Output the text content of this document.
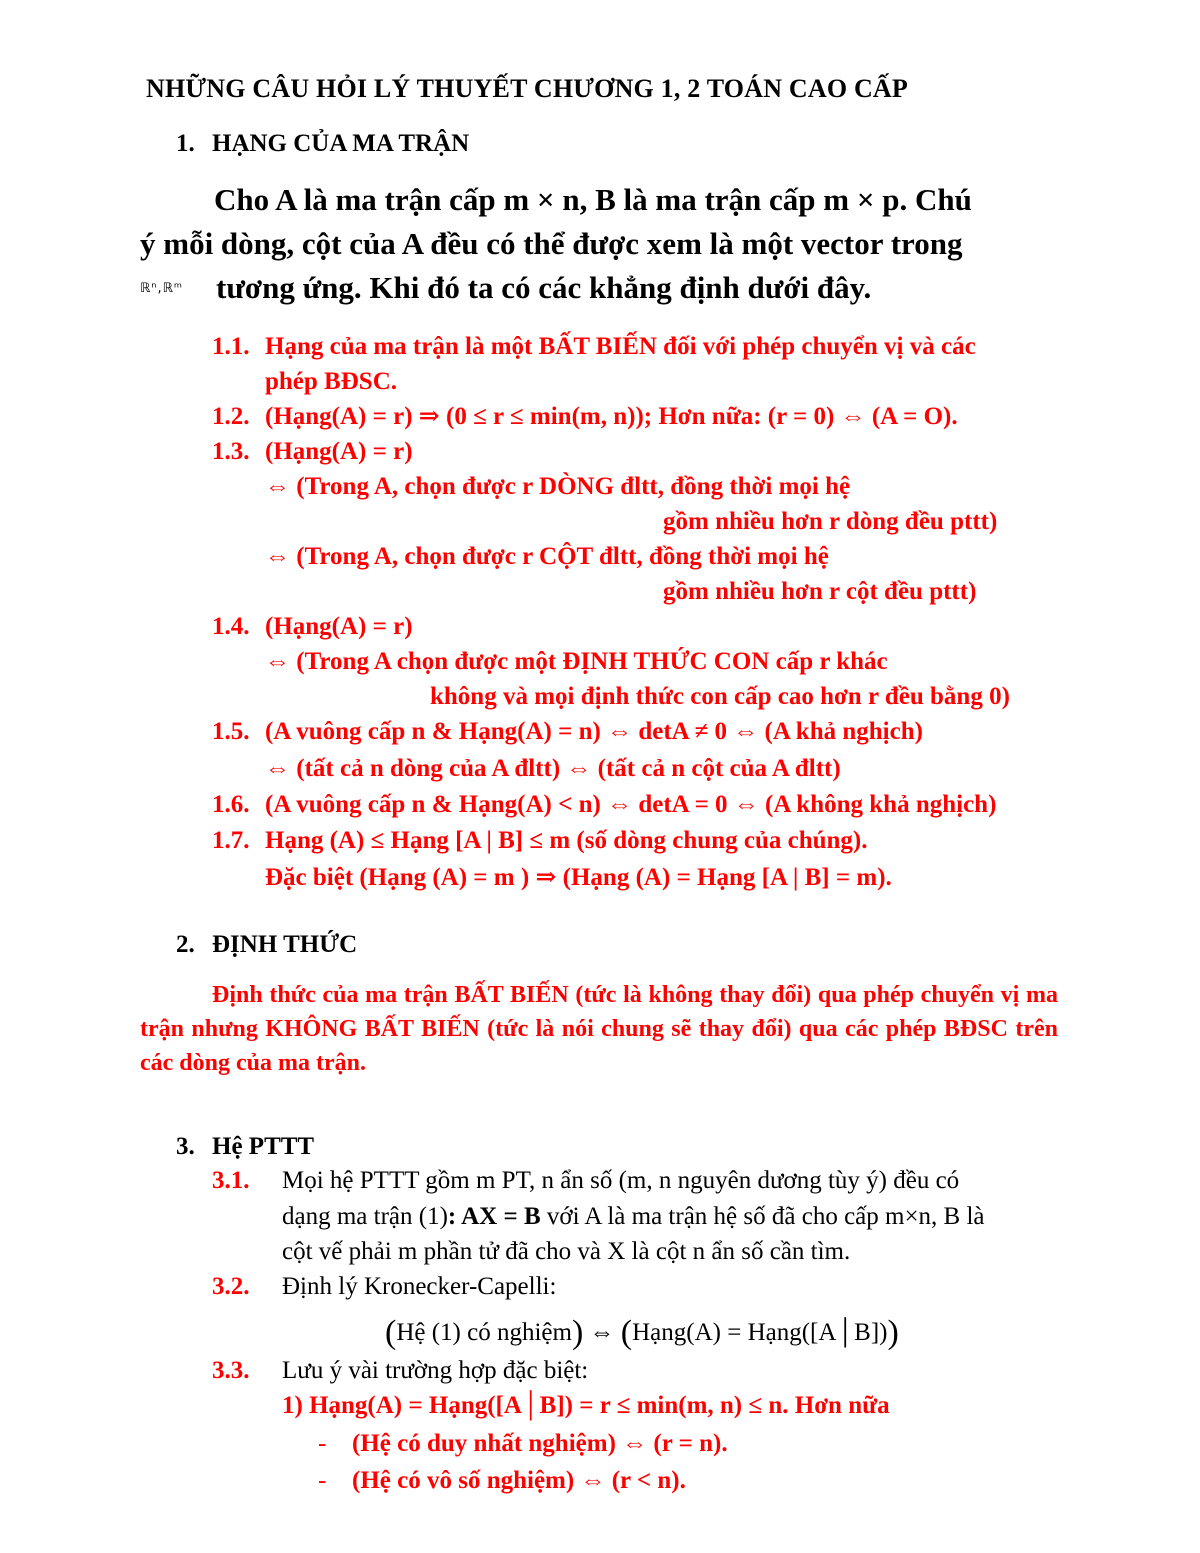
NHỮNG CÂU HỎI LÝ THUYẾT CHƯƠNG 1, 2 TOÁN CAO CẤP
1. HẠNG CỦA MA TRẬN
Cho A là ma trận cấp m × n, B là ma trận cấp m × p. Chú
ý mỗi dòng, cột của A đều có thể được xem là một vector trong
ℝⁿ,ℝᵐ tương ứng. Khi đó ta có các khẳng định dưới đây.
1.1. Hạng của ma trận là một BẤT BIẾN đối với phép chuyển vị và các
phép BĐSC.
1.2. (Hạng(A) = r) ⇒ (0 ≤ r ≤ min(m, n)); Hơn nữa: (r = 0) ⇔ (A = O).
1.3. (Hạng(A) = r)
⇔ (Trong A, chọn được r DÒNG đltt, đồng thời mọi hệ
gồm nhiều hơn r dòng đều pttt)
⇔ (Trong A, chọn được r CỘT đltt, đồng thời mọi hệ
gồm nhiều hơn r cột đều pttt)
1.4. (Hạng(A) = r)
⇔ (Trong A chọn được một ĐỊNH THỨC CON cấp r khác
không và mọi định thức con cấp cao hơn r đều bằng 0)
1.5. (A vuông cấp n & Hạng(A) = n) ⇔ detA ≠ 0 ⇔ (A khả nghịch)
⇔ (tất cả n dòng của A đltt) ⇔ (tất cả n cột của A đltt)
1.6. (A vuông cấp n & Hạng(A) < n) ⇔ detA = 0 ⇔ (A không khả nghịch)
1.7. Hạng (A) ≤ Hạng [A | B] ≤ m (số dòng chung của chúng).
Đặc biệt (Hạng (A) = m ) ⇒ (Hạng (A) = Hạng [A | B] = m).
2. ĐỊNH THỨC
Định thức của ma trận BẤT BIẾN (tức là không thay đổi) qua phép chuyển vị ma trận nhưng KHÔNG BẤT BIẾN (tức là nói chung sẽ thay đổi) qua các phép BĐSC trên các dòng của ma trận.
3. Hệ PTTT
3.1. Mọi hệ PTTT gồm m PT, n ẩn số (m, n nguyên dương tùy ý) đều có
dạng ma trận (1): AX = B với A là ma trận hệ số đã cho cấp m×n, B là
cột vế phải m phần tử đã cho và X là cột n ẩn số cần tìm.
3.2. Định lý Kronecker-Capelli:
(Hệ (1) có nghiệm) ⇔ (Hạng(A) = Hạng([A│B]))
3.3. Lưu ý vài trường hợp đặc biệt:
1) Hạng(A) = Hạng([A│B]) = r ≤ min(m, n) ≤ n. Hơn nữa
- (Hệ có duy nhất nghiệm) ⇔ (r = n).
- (Hệ có vô số nghiệm) ⇔ (r < n).
